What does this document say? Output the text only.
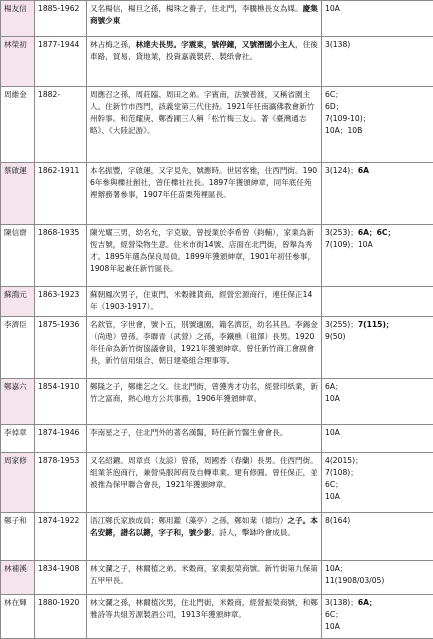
楊友信	1885-1962	又名楊信，楊旦之孫，楊珠之養子，住北門，李騰樵長女為媒。慶集商號少東	10A
林榮初	1877-1944	林占梅之孫，林達夫長男。字震東，號停鐘，又號潛園小主人，住後車路，貿易、貸地業，投資嘉義製菸、製紙會社。	3(138)
周維金	1882-	周應召之孫，周莊臨、周田之弟。字賓南，法號普渡，又稱省園主人。住新竹市西門，該義堂第三代住持。1921年任南瀛佛教會新竹州幹事。和范耀庚、鄭香圃三人稱「松竹梅三友」。著《臺灣通志略》、《大陸記游》。	6C；
6D；
7(109-10)；
10A；10B
蔡啟運	1862-1911	本名振豐，字啟運，又字見先，號應時。世居客雅，住西門街。1906年參與櫟社創社，曾任櫟社社長。1897年獲頒紳章，同年底任苑裡辦務署參事，1907年任苗栗苑裡區長。	3(124)；6A
陳信齋	1868-1935	陳光耀三男，幼名允，字克敏，曾授業於李希曾（鈞輔），家業為新恆吉號，經營染物生意。住米市街14號、店面在北門街，曾舉為秀才。1895年選為保良局員。1899年獲頒紳章，1901年初任參事，1908年起兼任新竹區長。	3(253)；6A；6C；
7(109)；10A
蘇鴻元	1863-1923	蘇朝鳳次男子，住東門，米穀雜貨商，經營宏源商行，連任保正14年（1903-1917）。	
李濟臣	1875-1936	名欽管，字世會，號卜五，別號適園，籍名濟臣，幼名其昌。李錫金（尚遨）曾孫、李聯青（武營）之孫，李鐵樵（祖澤）長男。1920年任命為新竹街協議會員，1921年獲頒紳章。曾任新竹商工會副會長，新竹信用組合、朝日建築組合理事等。	3(255)；7(115)；
9(50)
鄭嘉六	1854-1910	鄭隆之子，鄭維乞之父。住北門街，曾獲秀才功名，經營印紙業，新竹之富商，熱心地方公共事務，1906年獲頒紳章。	6A；
10A
李倬章	1874-1946	李南星之子，住北門外的著名漢醫，時任新竹醫生會會長。	10A
周家修	1878-1953	又名紹鑣。周章貞（友諒）曾孫，周國香（春蘭）長男。住西門街。組業茶泡商行，兼營吳服卸商及自轉車業。建有修圓。曾任保正，並被推為保甲聯合會長，1921年獲頒紳章。	4(2015)；
7(108)；
6C；
10A
鄭子和	1874-1922	浯江鄭氏家族成員；鄭用鑑（藻亭）之孫，鄭如棻（德均）之子。本名安鏘，譜名以鏘，字子和，號少影。詩人，擊缽吟會成員。	8(164)
林補溪	1834-1908	林文瀾之子，林爾植之弟。米穀商，家業振榮商號。新竹街第九保第五甲甲長。	10A；
11(1908/03/05)
林在輝	1880-1920	林文瀾之孫，林爾植次男，住北門街，米穀商，經營振榮商號，和鄭雅詩等共組芳源製酒公司，1913年獲頒紳章。	3(138)；6A；
6C；
10A
